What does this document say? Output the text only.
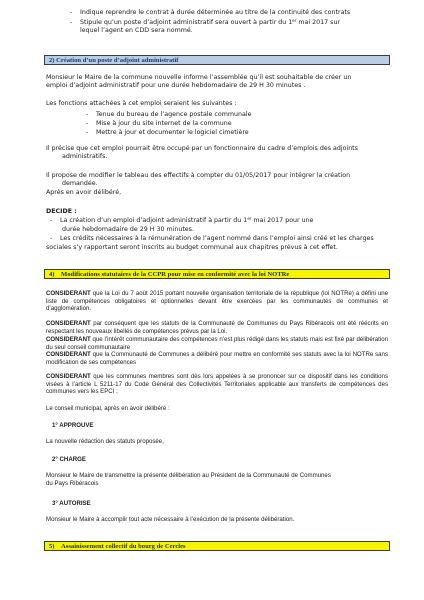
- Indique reprendre le contrat à durée déterminée au titre de la continuité des contrats
- Stipule qu’un poste d’adjoint administratif sera ouvert à partir du 1er mai 2017 sur
lequel l’agent en CDD sera nommé.
2) Création d’un poste d’adjoint administratif
Monsieur le Maire de la commune nouvelle informe l’assemblée qu’il est souhaitable de créer un
emploi d’adjoint administratif pour une durée hebdomadaire de 29 H 30 minutes .
Les fonctions attachées à cet emploi seraient les suivantes :
- Tenue du bureau de l’agence postale communale
- Mise à jour du site internet de la commune
- Mettre à jour et documenter le logiciel cimetière
Il précise que cet emploi pourrait être occupé par un fonctionnaire du cadre d’emplois des adjoints
administratifs.
Il propose de modifier le tableau des effectifs à compter du 01/05/2017 pour intégrer la création
demandée.
Après en avoir délibéré,
DECIDE :
- La création d’un emploi d’adjoint administratif à partir du 1er mai 2017 pour une
durée hebdomadaire de 29 H 30 minutes.
- Les crédits nécessaires à la rémunération de l’agent nommé dans l’emploi ainsi créé et les charges
sociales s’y rapportant seront inscrits au budget communal aux chapitres prévus à cet effet.
4) Modifications statutaires de la CCPR pour mise en conformité avec la loi NOTRe
CONSIDERANT que la Loi du 7 août 2015 portant nouvelle organisation territoriale de la république (loi NOTRe) a défini une liste de compétences obligatoires et optionnelles devant être exercées par les communautés de communes et d’agglomération.
CONSIDERANT par conséquent que les statuts de la Communauté de Communes du Pays Ribéracois ont été réécrits en respectant les nouveaux libellés de compétences prévus par la Loi.
CONSIDERANT que l’intérêt communautaire des compétences n’est plus rédigé dans les statuts mais est fixé par délibération du seul conseil communautaire
CONSIDERANT que la Communauté de Communes a délibéré pour mettre en conformité ses statuts avec la loi NOTRe sans modification de ses compétences
CONSIDERANT que les communes membres sont dès lors appelées à se prononcer sur ce dispositif dans les conditions visées à l’article L 5211-17 du Code Général des Collectivités Territoriales applicable aux transferts de compétences des communes vers les EPCI ;
Le conseil municipal, après en avoir délibéré :
1° APPROUVE
La nouvelle rédaction des statuts proposée,
2° CHARGE
Monsieur le Maire de transmettre la présente délibération au Président de la Communauté de Communes
du Pays Ribéracois
3° AUTORISE
Monsieur le Maire à accomplir tout acte nécessaire à l’exécution de la présente délibération.
5) Assainissement collectif du bourg de Cercles
